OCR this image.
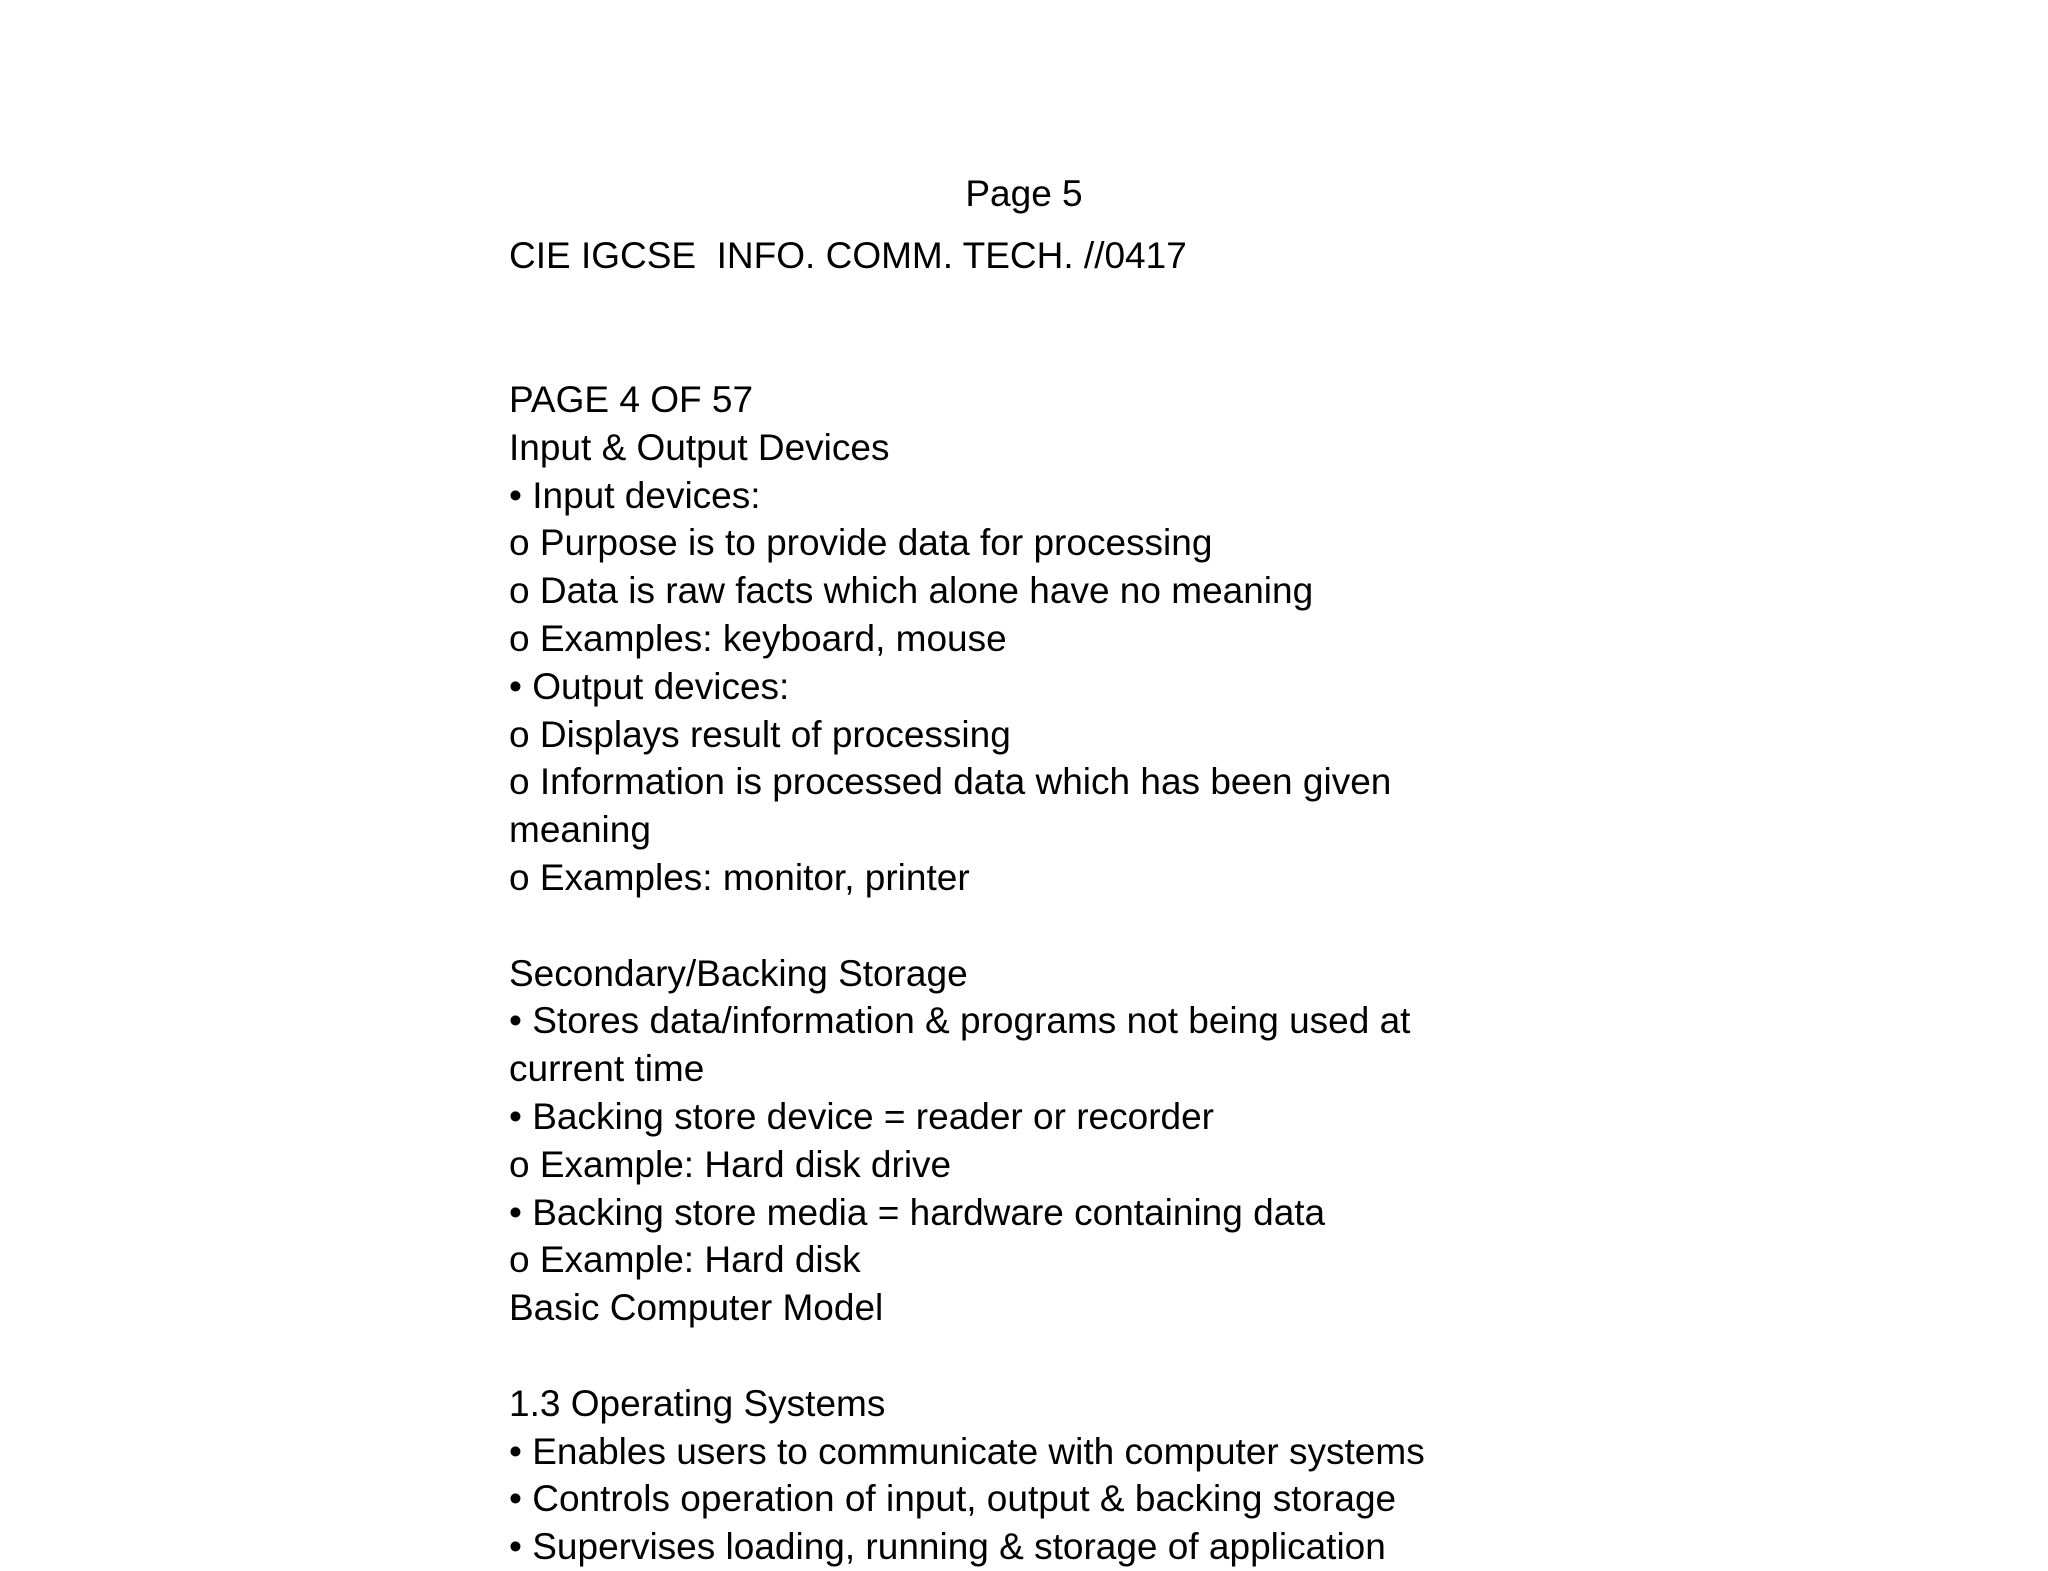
Page 5
CIE IGCSE  INFO. COMM. TECH. //0417
PAGE 4 OF 57
Input & Output Devices
• Input devices:
o Purpose is to provide data for processing
o Data is raw facts which alone have no meaning
o Examples: keyboard, mouse
• Output devices:
o Displays result of processing
o Information is processed data which has been given
meaning
o Examples: monitor, printer
Secondary/Backing Storage
• Stores data/information & programs not being used at
current time
• Backing store device = reader or recorder
o Example: Hard disk drive
• Backing store media = hardware containing data
o Example: Hard disk
Basic Computer Model
1.3 Operating Systems
• Enables users to communicate with computer systems
• Controls operation of input, output & backing storage
• Supervises loading, running & storage of application
